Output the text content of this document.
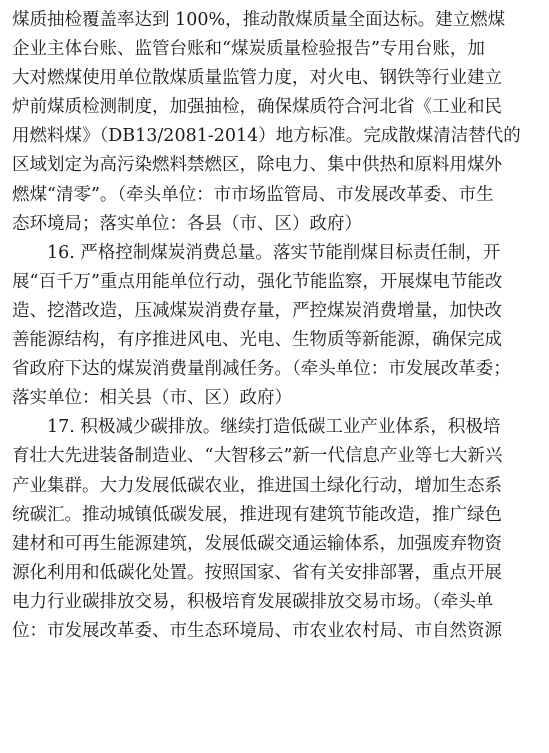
煤质抽检覆盖率达到 100%，推动散煤质量全面达标。建立燃煤
企业主体台账、监管台账和“煤炭质量检验报告”专用台账，加
大对燃煤使用单位散煤质量监管力度，对火电、钢铁等行业建立
炉前煤质检测制度，加强抽检，确保煤质符合河北省《工业和民
用燃料煤》（DB13/2081-2014）地方标准。完成散煤清洁替代的
区域划定为高污染燃料禁燃区，除电力、集中供热和原料用煤外
燃煤“清零”。（牵头单位：市市场监管局、市发展改革委、市生
态环境局；落实单位：各县（市、区）政府）
16. 严格控制煤炭消费总量。落实节能削煤目标责任制，开
展“百千万”重点用能单位行动，强化节能监察，开展煤电节能改
造、挖潜改造，压减煤炭消费存量，严控煤炭消费增量，加快改
善能源结构，有序推进风电、光电、生物质等新能源，确保完成
省政府下达的煤炭消费量削减任务。（牵头单位：市发展改革委；
落实单位：相关县（市、区）政府）
17. 积极减少碳排放。继续打造低碳工业产业体系，积极培
育壮大先进装备制造业、“大智移云”新一代信息产业等七大新兴
产业集群。大力发展低碳农业，推进国土绿化行动，增加生态系
统碳汇。推动城镇低碳发展，推进现有建筑节能改造，推广绿色
建材和可再生能源建筑，发展低碳交通运输体系，加强废弃物资
源化利用和低碳化处置。按照国家、省有关安排部署，重点开展
电力行业碳排放交易，积极培育发展碳排放交易市场。（牵头单
位：市发展改革委、市生态环境局、市农业农村局、市自然资源
